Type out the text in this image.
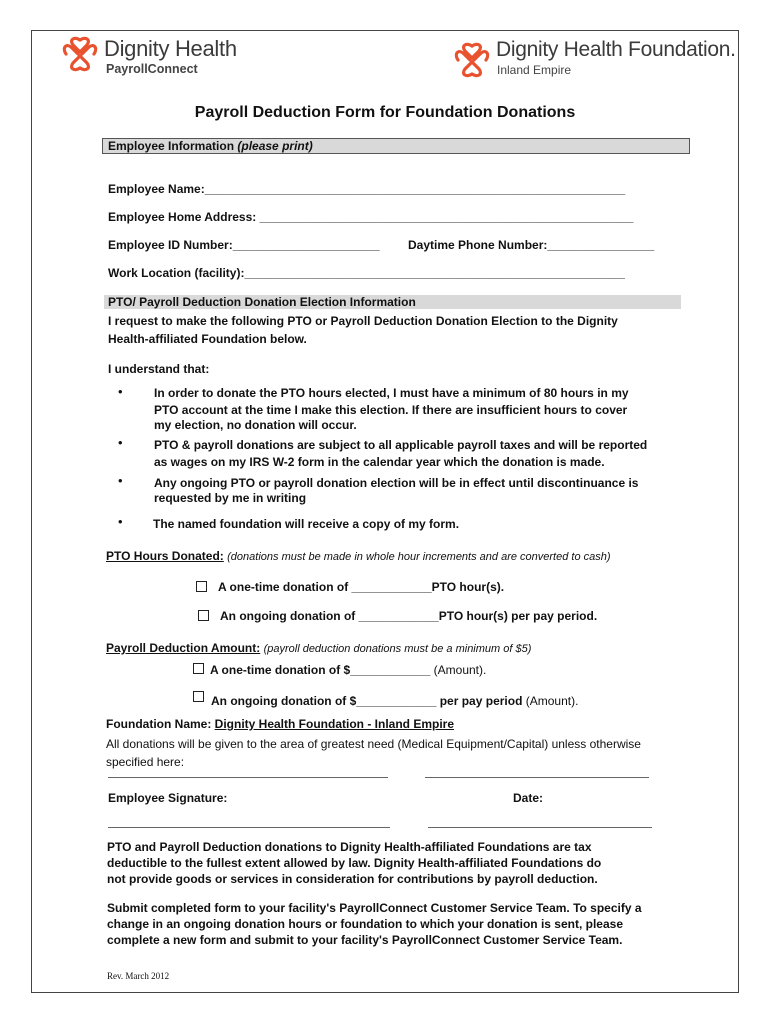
Dignity Health
PayrollConnect
Dignity Health Foundation.
Inland Empire
Payroll Deduction Form for Foundation Donations
Employee Information (please print)
Employee Name:_______________________________________________________________
Employee Home Address: ________________________________________________________
Employee ID Number:______________________ Daytime Phone Number:________________
Work Location (facility):_________________________________________________________
PTO/ Payroll Deduction Donation Election Information
I request to make the following PTO or Payroll Deduction Donation Election to the Dignity
Health-affiliated Foundation below.
I understand that:
•	In order to donate the PTO hours elected, I must have a minimum of 80 hours in my
PTO account at the time I make this election. If there are insufficient hours to cover
my election, no donation will occur.
•	PTO & payroll donations are subject to all applicable payroll taxes and will be reported
as wages on my IRS W-2 form in the calendar year which the donation is made.
•	Any ongoing PTO or payroll donation election will be in effect until discontinuance is
requested by me in writing
•	The named foundation will receive a copy of my form.
PTO Hours Donated: (donations must be made in whole hour increments and are converted to cash)
A one-time donation of ____________PTO hour(s).
An ongoing donation of ____________PTO hour(s) per pay period.
Payroll Deduction Amount: (payroll deduction donations must be a minimum of $5)
A one-time donation of $____________ (Amount).
An ongoing donation of $____________ per pay period (Amount).
Foundation Name: Dignity Health Foundation - Inland Empire
All donations will be given to the area of greatest need (Medical Equipment/Capital) unless otherwise
specified here:
Employee Signature:	Date:
PTO and Payroll Deduction donations to Dignity Health-affiliated Foundations are tax
deductible to the fullest extent allowed by law. Dignity Health-affiliated Foundations do
not provide goods or services in consideration for contributions by payroll deduction.
Submit completed form to your facility's PayrollConnect Customer Service Team. To specify a
change in an ongoing donation hours or foundation to which your donation is sent, please
complete a new form and submit to your facility's PayrollConnect Customer Service Team.
Rev. March 2012
